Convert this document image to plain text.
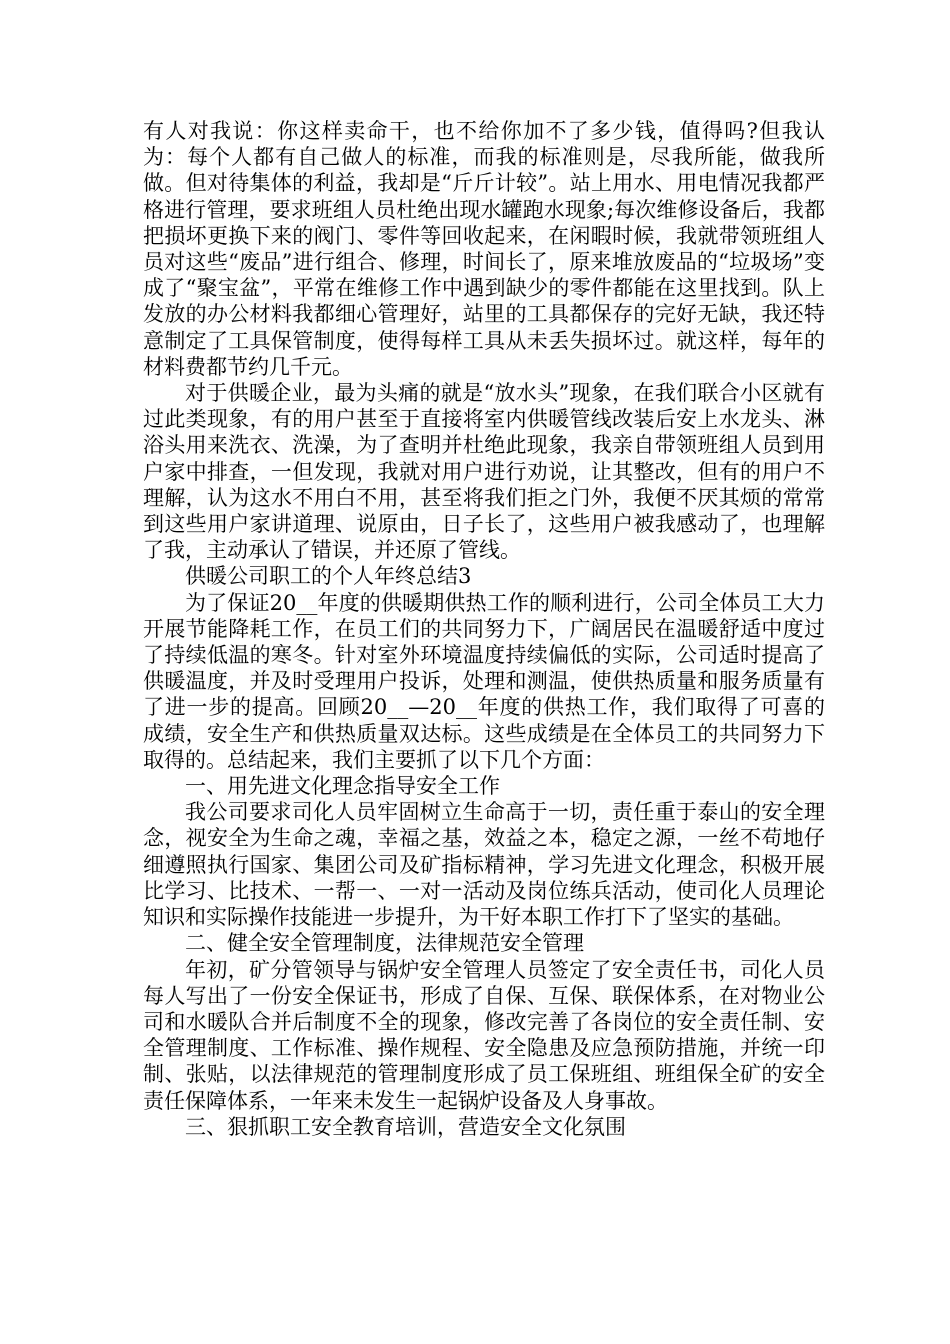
有人对我说：你这样卖命干，也不给你加不了多少钱，值得吗?但我认为：每个人都有自己做人的标准，而我的标准则是，尽我所能，做我所做。但对待集体的利益，我却是“斤斤计较”。站上用水、用电情况我都严格进行管理，要求班组人员杜绝出现水罐跑水现象;每次维修设备后，我都把损坏更换下来的阀门、零件等回收起来，在闲暇时候，我就带领班组人员对这些“废品”进行组合、修理，时间长了，原来堆放废品的“垃圾场”变成了“聚宝盆”，平常在维修工作中遇到缺少的零件都能在这里找到。队上发放的办公材料我都细心管理好，站里的工具都保存的完好无缺，我还特意制定了工具保管制度，使得每样工具从未丢失损坏过。就这样，每年的材料费都节约几千元。

对于供暖企业，最为头痛的就是“放水头”现象，在我们联合小区就有过此类现象，有的用户甚至于直接将室内供暖管线改装后安上水龙头、淋浴头用来洗衣、洗澡，为了查明并杜绝此现象，我亲自带领班组人员到用户家中排查，一但发现，我就对用户进行劝说，让其整改，但有的用户不理解，认为这水不用白不用，甚至将我们拒之门外，我便不厌其烦的常常到这些用户家讲道理、说原由，日子长了，这些用户被我感动了，也理解了我，主动承认了错误，并还原了管线。

供暖公司职工的个人年终总结3

为了保证20__年度的供暖期供热工作的顺利进行，公司全体员工大力开展节能降耗工作，在员工们的共同努力下，广阔居民在温暖舒适中度过了持续低温的寒冬。针对室外环境温度持续偏低的实际，公司适时提高了供暖温度，并及时受理用户投诉，处理和测温，使供热质量和服务质量有了进一步的提高。回顾20__—20__年度的供热工作，我们取得了可喜的成绩，安全生产和供热质量双达标。这些成绩是在全体员工的共同努力下取得的。总结起来，我们主要抓了以下几个方面：

一、用先进文化理念指导安全工作

我公司要求司化人员牢固树立生命高于一切，责任重于泰山的安全理念，视安全为生命之魂，幸福之基，效益之本，稳定之源，一丝不苟地仔细遵照执行国家、集团公司及矿指标精神，学习先进文化理念，积极开展比学习、比技术、一帮一、一对一活动及岗位练兵活动，使司化人员理论知识和实际操作技能进一步提升，为干好本职工作打下了坚实的基础。

二、健全安全管理制度，法律规范安全管理

年初，矿分管领导与锅炉安全管理人员签定了安全责任书，司化人员每人写出了一份安全保证书，形成了自保、互保、联保体系，在对物业公司和水暖队合并后制度不全的现象，修改完善了各岗位的安全责任制、安全管理制度、工作标准、操作规程、安全隐患及应急预防措施，并统一印制、张贴，以法律规范的管理制度形成了员工保班组、班组保全矿的安全责任保障体系，一年来未发生一起锅炉设备及人身事故。

三、狠抓职工安全教育培训，营造安全文化氛围
